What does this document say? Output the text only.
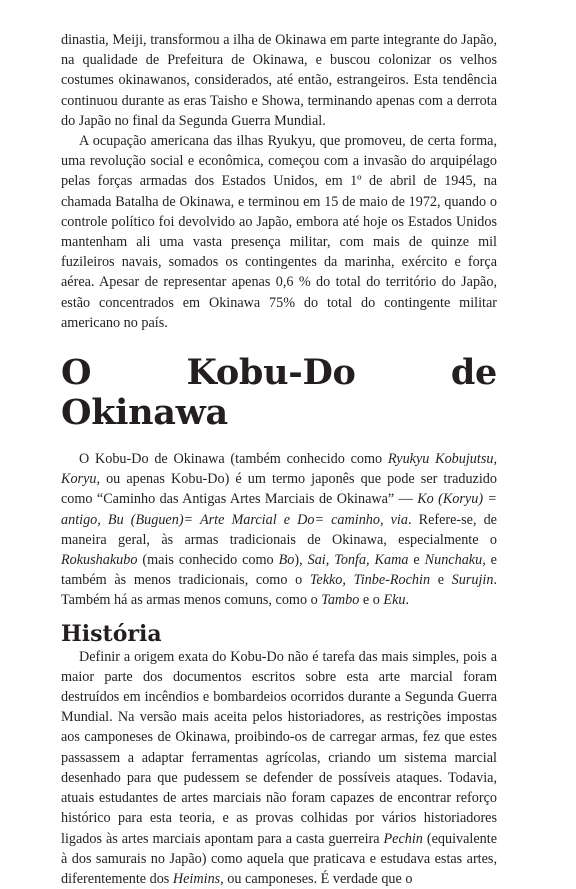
dinastia, Meiji, transformou a ilha de Okinawa em parte integrante do Japão, na qualidade de Prefeitura de Okinawa, e buscou colonizar os velhos costumes okinawanos, considerados, até então, estrangeiros. Esta tendência continuou durante as eras Taisho e Showa, terminando apenas com a derrota do Japão no final da Segunda Guerra Mundial.

A ocupação americana das ilhas Ryukyu, que promoveu, de certa forma, uma revolução social e econômica, começou com a invasão do arquipélago pelas forças armadas dos Estados Unidos, em 1º de abril de 1945, na chamada Batalha de Okinawa, e terminou em 15 de maio de 1972, quando o controle político foi devolvido ao Japão, embora até hoje os Estados Unidos mantenham ali uma vasta presença militar, com mais de quinze mil fuzileiros navais, somados os contingentes da marinha, exército e força aérea. Apesar de representar apenas 0,6 % do total do território do Japão, estão concentrados em Okinawa 75% do total do contingente militar americano no país.

O Kobu-Do de Okinawa

O Kobu-Do de Okinawa (também conhecido como Ryukyu Kobujutsu, Koryu, ou apenas Kobu-Do) é um termo japonês que pode ser traduzido como “Caminho das Antigas Artes Marciais de Okinawa” — Ko (Koryu) = antigo, Bu (Buguen)= Arte Marcial e Do= caminho, via. Refere-se, de maneira geral, às armas tradicionais de Okinawa, especialmente o Rokushakubo (mais conhecido como Bo), Sai, Tonfa, Kama e Nunchaku, e também às menos tradicionais, como o Tekko, Tinbe-Rochin e Surujin. Também há as armas menos comuns, como o Tambo e o Eku.

História

Definir a origem exata do Kobu-Do não é tarefa das mais simples, pois a maior parte dos documentos escritos sobre esta arte marcial foram destruídos em incêndios e bombardeios ocorridos durante a Segunda Guerra Mundial. Na versão mais aceita pelos historiadores, as restrições impostas aos camponeses de Okinawa, proibindo-os de carregar armas, fez que estes passassem a adaptar ferramentas agrícolas, criando um sistema marcial desenhado para que pudessem se defender de possíveis ataques. Todavia, atuais estudantes de artes marciais não foram capazes de encontrar reforço histórico para esta teoria, e as provas colhidas por vários historiadores ligados às artes marciais apontam para a casta guerreira Pechin (equivalente à dos samurais no Japão) como aquela que praticava e estudava estas artes, diferentemente dos Heimins, ou camponeses. É verdade que o
